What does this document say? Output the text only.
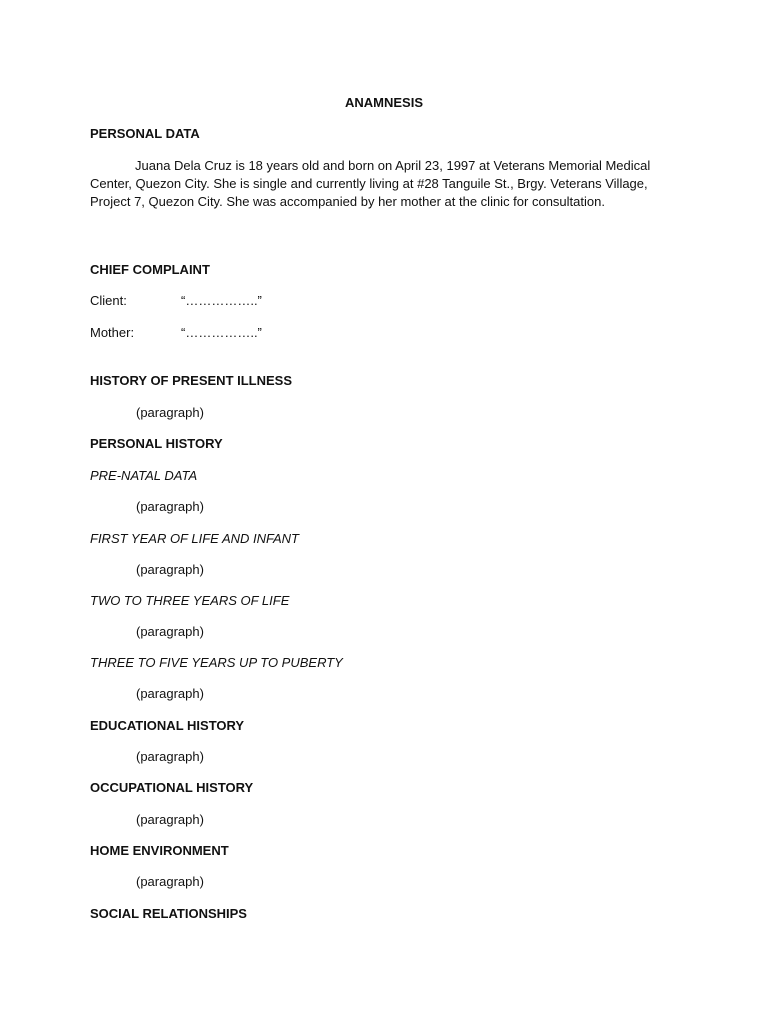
ANAMNESIS
PERSONAL DATA
Juana Dela Cruz is 18 years old and born on April 23, 1997 at Veterans Memorial Medical Center, Quezon City. She is single and currently living at #28 Tanguile St., Brgy. Veterans Village, Project 7, Quezon City. She was accompanied by her mother at the clinic for consultation.
CHIEF COMPLAINT
Client:	“……………..”
Mother:	“……………..”
HISTORY OF PRESENT ILLNESS
(paragraph)
PERSONAL HISTORY
PRE-NATAL DATA
(paragraph)
FIRST YEAR OF LIFE AND INFANT
(paragraph)
TWO TO THREE YEARS OF LIFE
(paragraph)
THREE TO FIVE YEARS UP TO PUBERTY
(paragraph)
EDUCATIONAL HISTORY
(paragraph)
OCCUPATIONAL HISTORY
(paragraph)
HOME ENVIRONMENT
(paragraph)
SOCIAL RELATIONSHIPS
